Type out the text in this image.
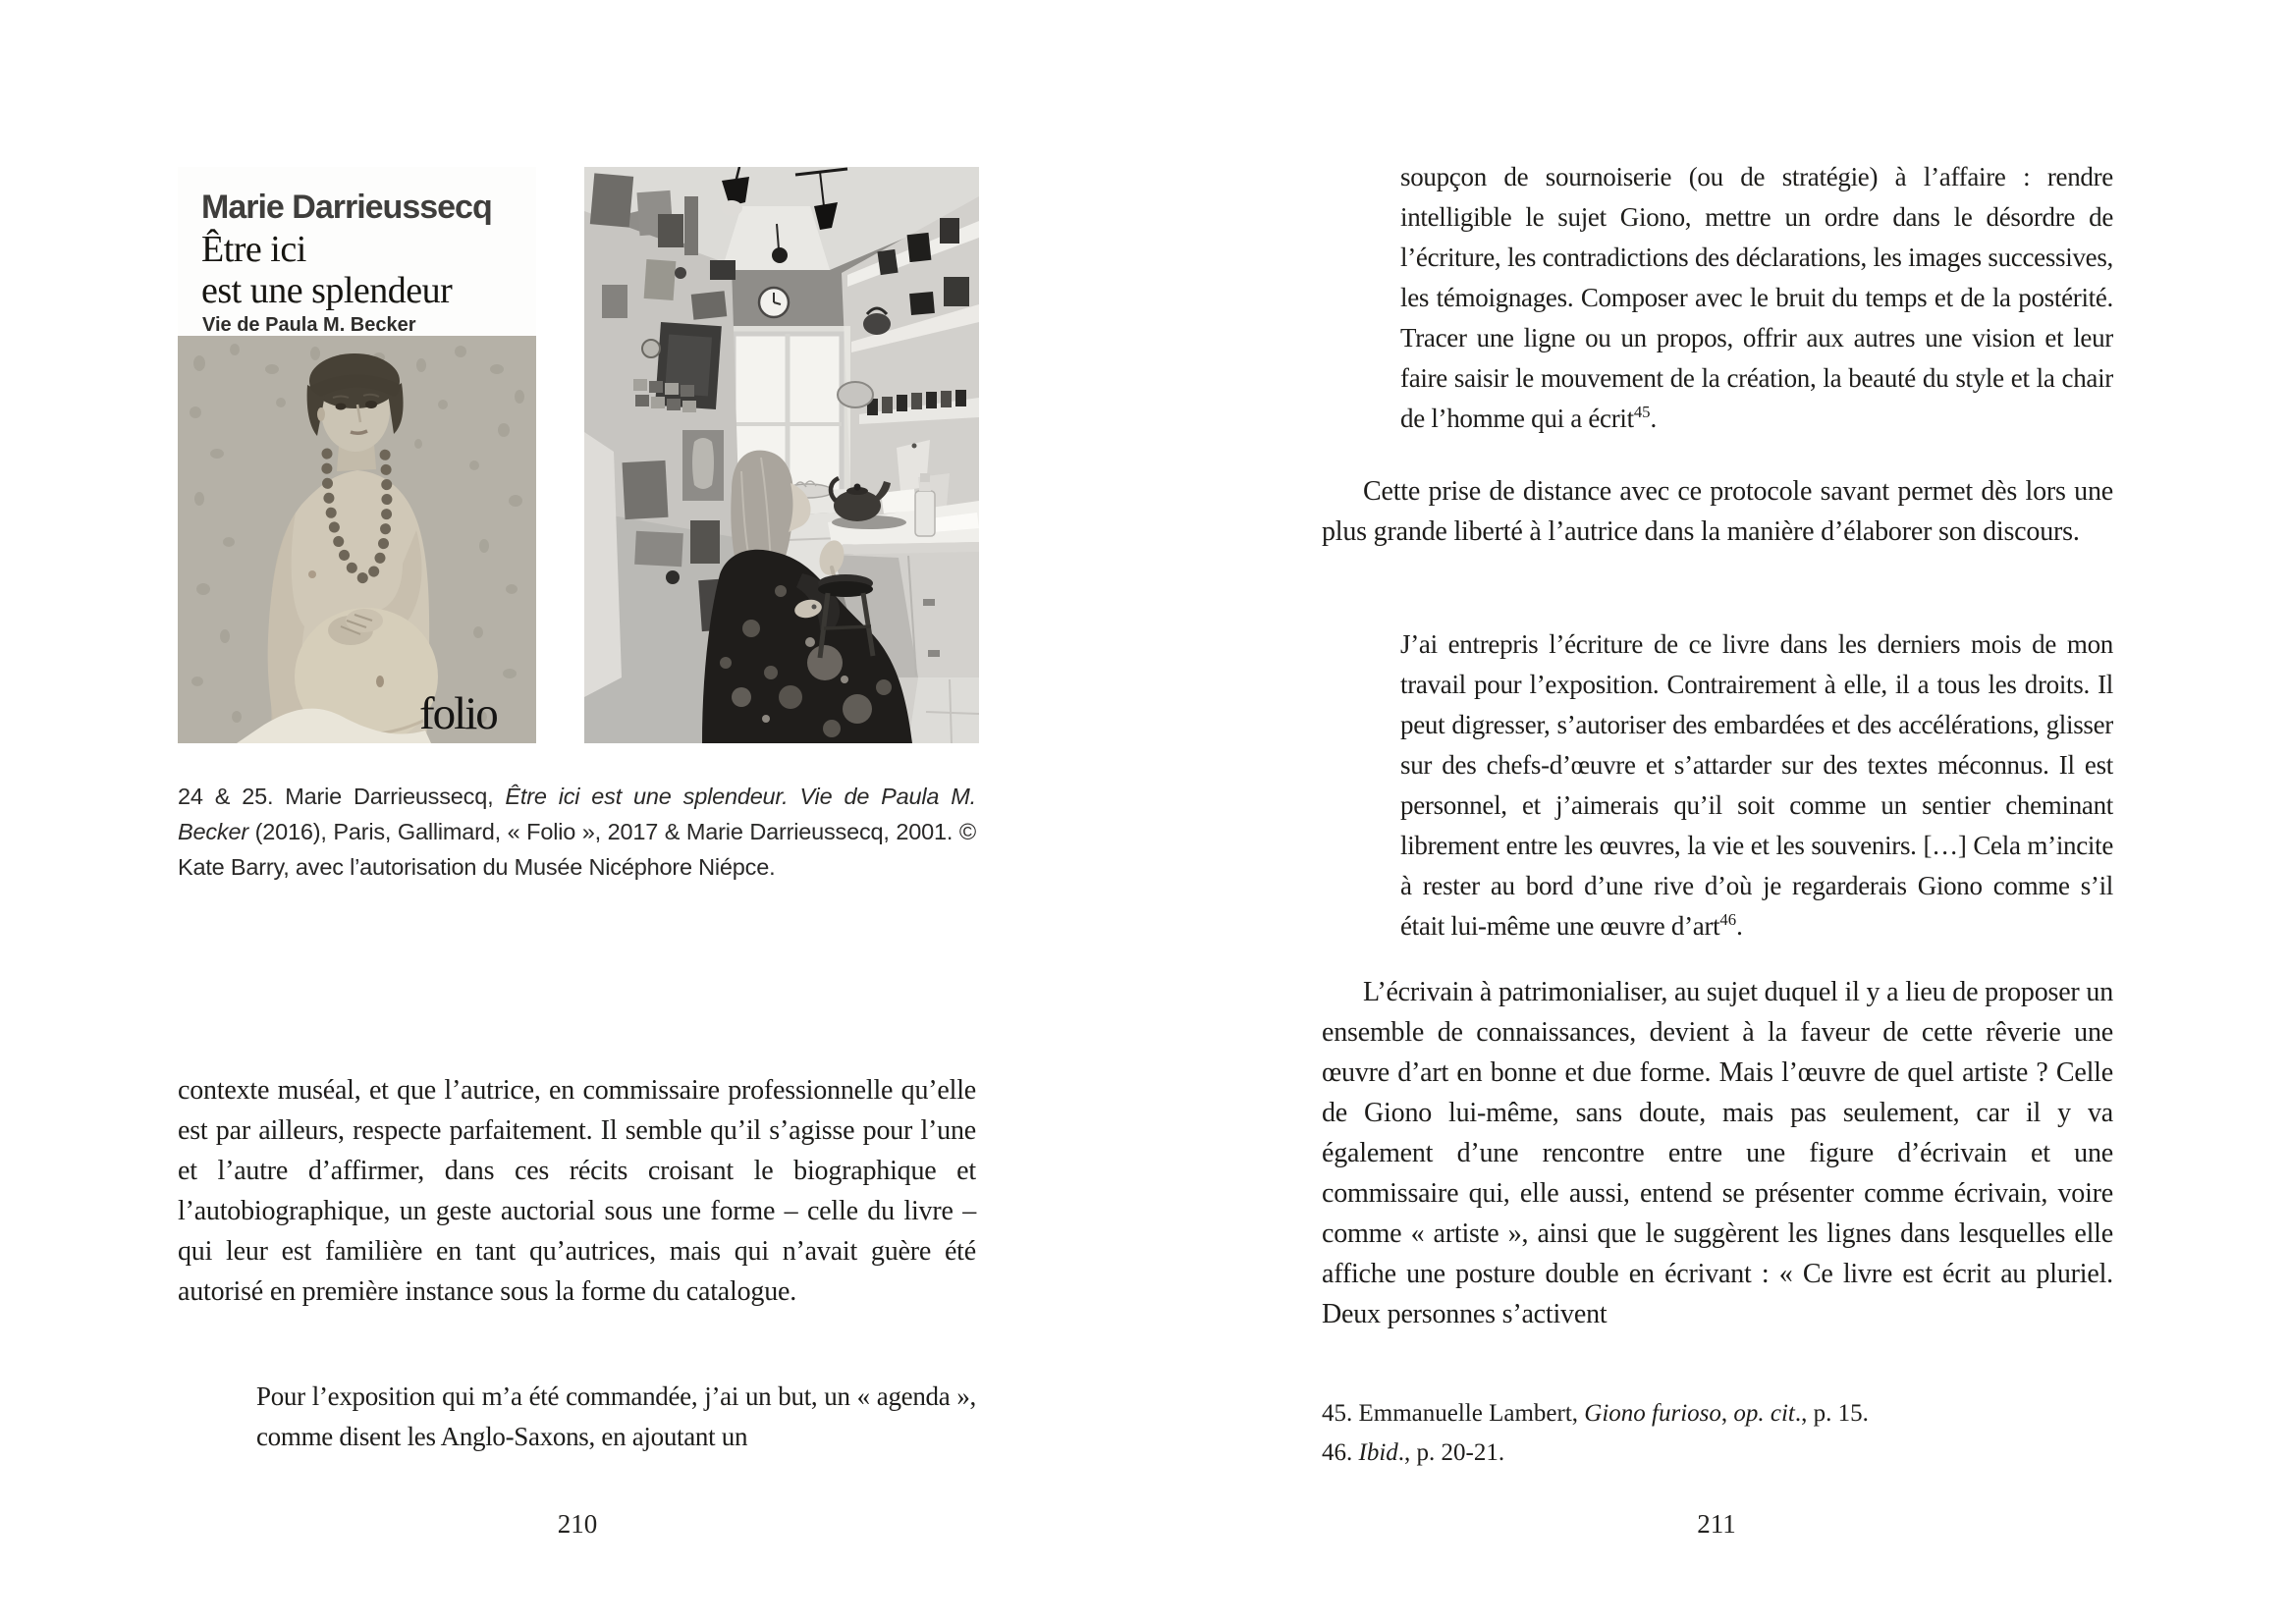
Marie Darrieussecq
Être ici
est une splendeur
Vie de Paula M. Becker
folio

24 & 25. Marie Darrieussecq, Être ici est une splendeur. Vie de Paula M. Becker (2016), Paris, Gallimard, « Folio », 2017 & Marie Darrieussecq, 2001. © Kate Barry, avec l’autorisation du Musée Nicéphore Niépce.

contexte muséal, et que l’autrice, en commissaire professionnelle qu’elle est par ailleurs, respecte parfaitement. Il semble qu’il s’agisse pour l’une et l’autre d’affirmer, dans ces récits croisant le biographique et l’autobiographique, un geste auctorial sous une forme – celle du livre – qui leur est familière en tant qu’autrices, mais qui n’avait guère été autorisé en première instance sous la forme du catalogue.

Pour l’exposition qui m’a été commandée, j’ai un but, un « agenda », comme disent les Anglo-Saxons, en ajoutant un

210

soupçon de sournoiserie (ou de stratégie) à l’affaire : rendre intelligible le sujet Giono, mettre un ordre dans le désordre de l’écriture, les contradictions des déclarations, les images successives, les témoignages. Composer avec le bruit du temps et de la postérité. Tracer une ligne ou un propos, offrir aux autres une vision et leur faire saisir le mouvement de la création, la beauté du style et la chair de l’homme qui a écrit$^{45}$.

Cette prise de distance avec ce protocole savant permet dès lors une plus grande liberté à l’autrice dans la manière d’élaborer son discours.

J’ai entrepris l’écriture de ce livre dans les derniers mois de mon travail pour l’exposition. Contrairement à elle, il a tous les droits. Il peut digresser, s’autoriser des embardées et des accélérations, glisser sur des chefs-d’œuvre et s’attarder sur des textes méconnus. Il est personnel, et j’aimerais qu’il soit comme un sentier cheminant librement entre les œuvres, la vie et les souvenirs. […] Cela m’incite à rester au bord d’une rive d’où je regarderais Giono comme s’il était lui-même une œuvre d’art$^{46}$.

L’écrivain à patrimonialiser, au sujet duquel il y a lieu de proposer un ensemble de connaissances, devient à la faveur de cette rêverie une œuvre d’art en bonne et due forme. Mais l’œuvre de quel artiste ? Celle de Giono lui-même, sans doute, mais pas seulement, car il y va également d’une rencontre entre une figure d’écrivain et une commissaire qui, elle aussi, entend se présenter comme écrivain, voire comme « artiste », ainsi que le suggèrent les lignes dans lesquelles elle affiche une posture double en écrivant : « Ce livre est écrit au pluriel. Deux personnes s’activent

45. Emmanuelle Lambert, Giono furioso, op. cit., p. 15.

46. Ibid., p. 20-21.

211
